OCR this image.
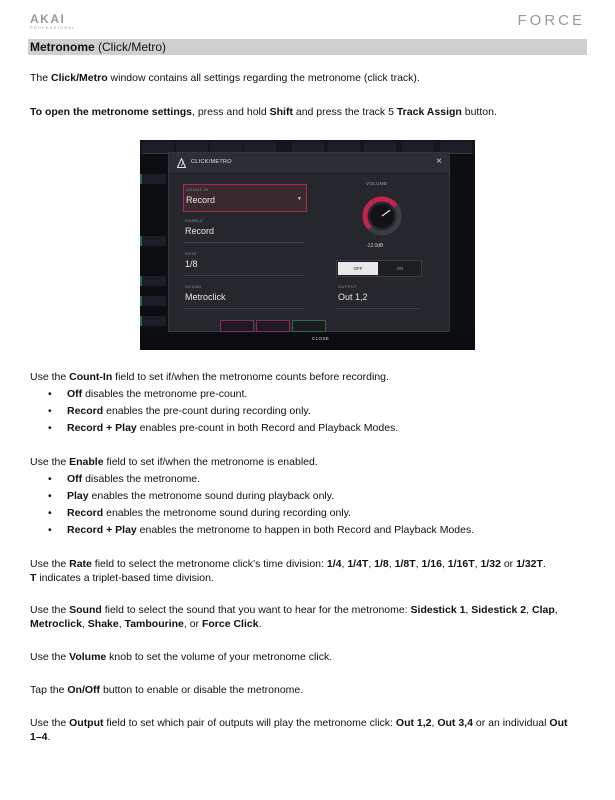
AKAI
PROFESSIONAL	FORCE
Metronome (Click/Metro)
The Click/Metro window contains all settings regarding the metronome (click track).
To open the metronome settings, press and hold Shift and press the track 5 Track Assign button.
CLICK/METRO	×
COUNT-IN
Record	▼
ENABLE
Record
RATE
1/8
SOUND
Metroclick
VOLUME
-12.0dB
OFF	ON
OUTPUT
Out 1,2
CLOSE
Use the Count-In field to set if/when the metronome counts before recording.
• Off disables the metronome pre-count.
• Record enables the pre-count during recording only.
• Record + Play enables pre-count in both Record and Playback Modes.
Use the Enable field to set if/when the metronome is enabled.
• Off disables the metronome.
• Play enables the metronome sound during playback only.
• Record enables the metronome sound during recording only.
• Record + Play enables the metronome to happen in both Record and Playback Modes.
Use the Rate field to select the metronome click’s time division: 1/4, 1/4T, 1/8, 1/8T, 1/16, 1/16T, 1/32 or 1/32T.
T indicates a triplet-based time division.
Use the Sound field to select the sound that you want to hear for the metronome: Sidestick 1, Sidestick 2, Clap,
Metroclick, Shake, Tambourine, or Force Click.
Use the Volume knob to set the volume of your metronome click.
Tap the On/Off button to enable or disable the metronome.
Use the Output field to set which pair of outputs will play the metronome click: Out 1,2, Out 3,4 or an individual Out
1–4.
